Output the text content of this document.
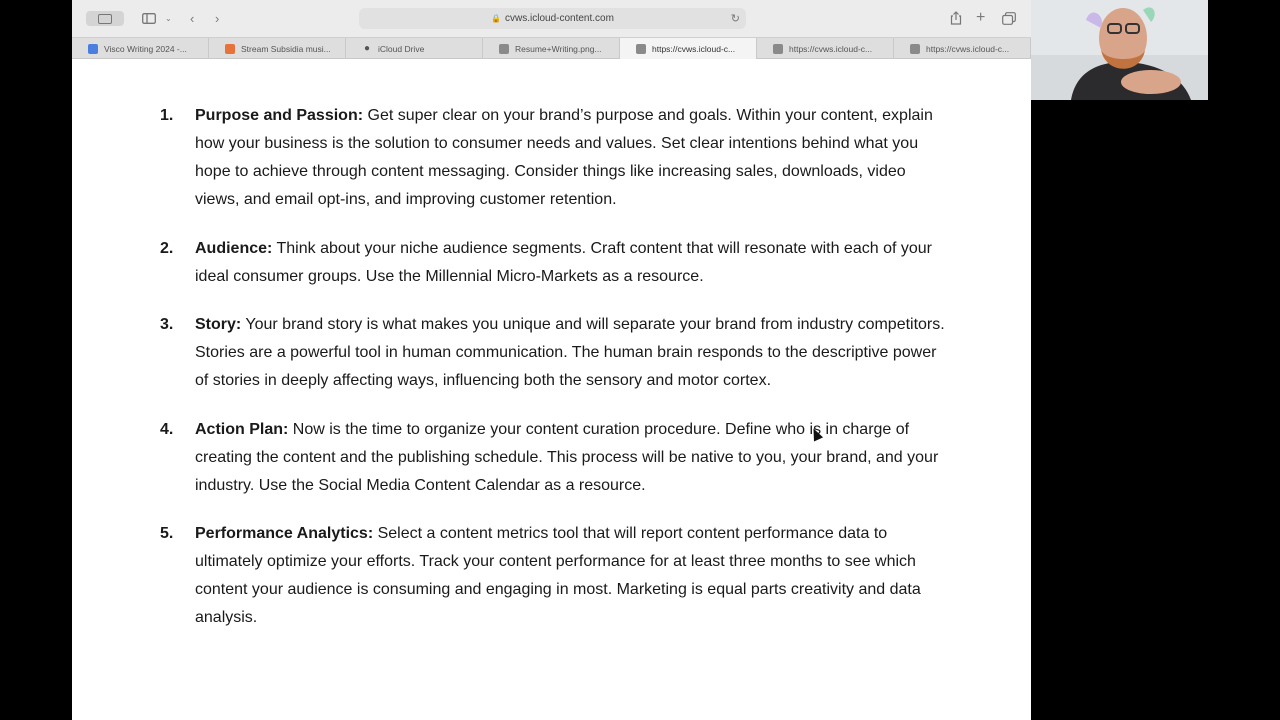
⌄ ‹ ›	🔒 cvws.icloud-content.com	↻	+
Visco Writing 2024 -...	Stream Subsidia musi...	● iCloud Drive	Resume+Writing.png...	https://cvws.icloud-c...	https://cvws.icloud-c...	https://cvws.icloud-c...
1. Purpose and Passion: Get super clear on your brand’s purpose and goals. Within your content, explain how your business is the solution to consumer needs and values. Set clear intentions behind what you hope to achieve through content messaging. Consider things like increasing sales, downloads, video views, and email opt-ins, and improving customer retention.
2. Audience: Think about your niche audience segments. Craft content that will resonate with each of your ideal consumer groups. Use the Millennial Micro-Markets as a resource.
3. Story: Your brand story is what makes you unique and will separate your brand from industry competitors. Stories are a powerful tool in human communication. The human brain responds to the descriptive power of stories in deeply affecting ways, influencing both the sensory and motor cortex.
4. Action Plan: Now is the time to organize your content curation procedure. Define who is in charge of creating the content and the publishing schedule. This process will be native to you, your brand, and your industry. Use the Social Media Content Calendar as a resource.
5. Performance Analytics: Select a content metrics tool that will report content performance data to ultimately optimize your efforts. Track your content performance for at least three months to see which content your audience is consuming and engaging in most. Marketing is equal parts creativity and data analysis.
